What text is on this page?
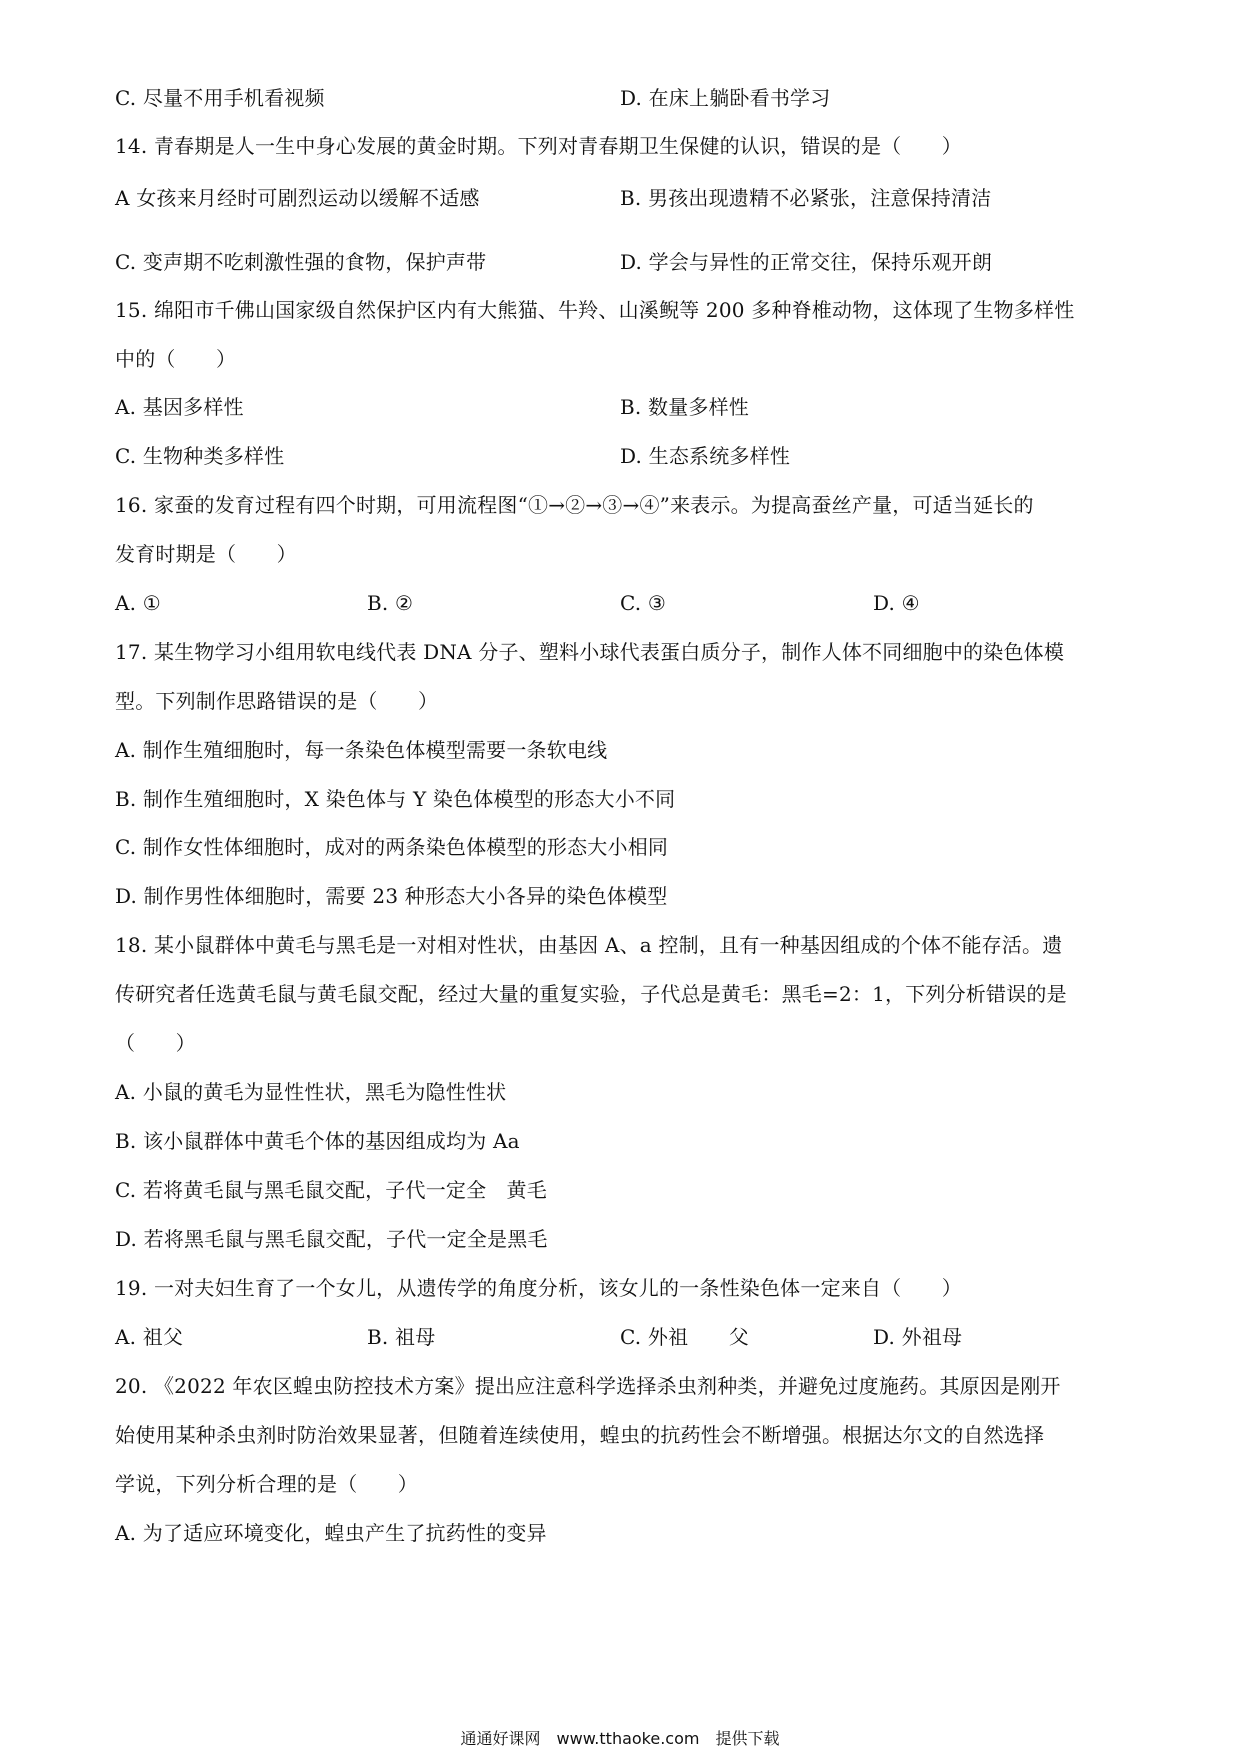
C. 尽量不用手机看视频	D. 在床上躺卧看书学习
14. 青春期是人一生中身心发展的黄金时期。下列对青春期卫生保健的认识，错误的是（　　）
A 女孩来月经时可剧烈运动以缓解不适感	B. 男孩出现遗精不必紧张，注意保持清洁
C. 变声期不吃刺激性强的食物，保护声带	D. 学会与异性的正常交往，保持乐观开朗
15. 绵阳市千佛山国家级自然保护区内有大熊猫、牛羚、山溪鲵等 200 多种脊椎动物，这体现了生物多样性
中的（　　）
A. 基因多样性	B. 数量多样性
C. 生物种类多样性	D. 生态系统多样性
16. 家蚕的发育过程有四个时期，可用流程图“①→②→③→④”来表示。为提高蚕丝产量，可适当延长的
发育时期是（　　）
A. ①	B. ②	C. ③	D. ④
17. 某生物学习小组用软电线代表 DNA 分子、塑料小球代表蛋白质分子，制作人体不同细胞中的染色体模
型。下列制作思路错误的是（　　）
A. 制作生殖细胞时，每一条染色体模型需要一条软电线
B. 制作生殖细胞时，X 染色体与 Y 染色体模型的形态大小不同
C. 制作女性体细胞时，成对的两条染色体模型的形态大小相同
D. 制作男性体细胞时，需要 23 种形态大小各异的染色体模型
18. 某小鼠群体中黄毛与黑毛是一对相对性状，由基因 A、a 控制，且有一种基因组成的个体不能存活。遗
传研究者任选黄毛鼠与黄毛鼠交配，经过大量的重复实验，子代总是黄毛：黑毛=2：1，下列分析错误的是
（　　）
A. 小鼠的黄毛为显性性状，黑毛为隐性性状
B. 该小鼠群体中黄毛个体的基因组成均为 Aa
C. 若将黄毛鼠与黑毛鼠交配，子代一定全　黄毛
D. 若将黑毛鼠与黑毛鼠交配，子代一定全是黑毛
19. 一对夫妇生育了一个女儿，从遗传学的角度分析，该女儿的一条性染色体一定来自（　　）
A. 祖父	B. 祖母	C. 外祖　　父	D. 外祖母
20. 《2022 年农区蝗虫防控技术方案》提出应注意科学选择杀虫剂种类，并避免过度施药。其原因是刚开
始使用某种杀虫剂时防治效果显著，但随着连续使用，蝗虫的抗药性会不断增强。根据达尔文的自然选择
学说，下列分析合理的是（　　）
A. 为了适应环境变化，蝗虫产生了抗药性的变异
通通好课网　www.tthaoke.com　提供下载
